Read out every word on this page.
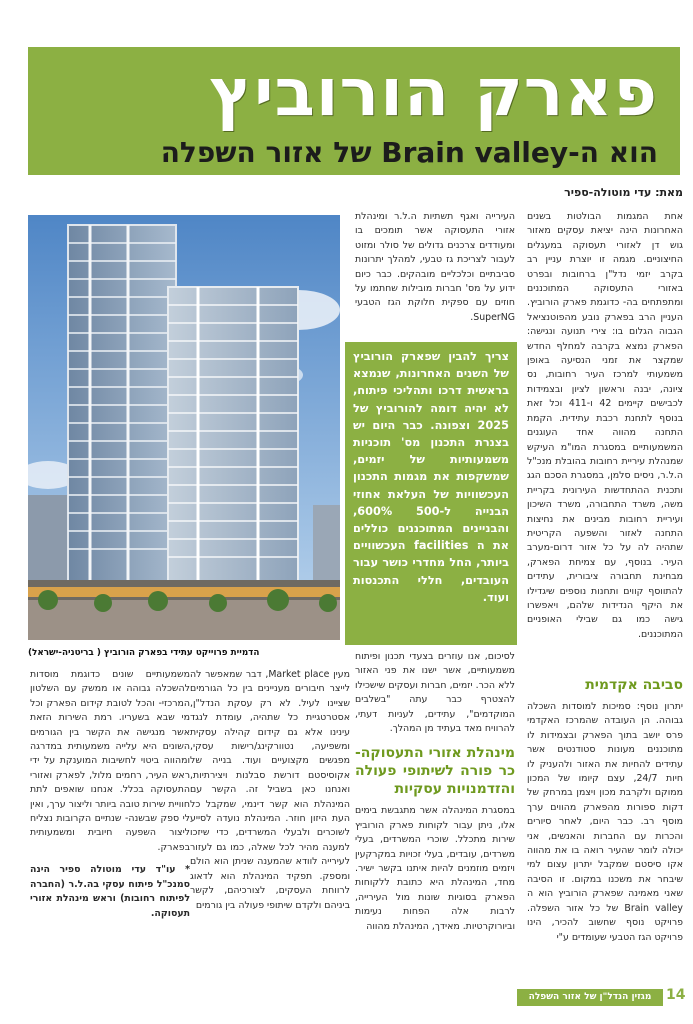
פארק הורוביץ
הוא ה-Brain valley של אזור השפלה
מאת: עדי מוטולה-ספיר

אחת המגמות הבולטות בשנים האחרונות הינה יציאת עסקים מאזור גוש דן לאזורי תעסוקה במעגלים החיצוניים. מגמה זו יוצרת עניין רב בקרב יזמי נדל"ן ברחובות ובפרט באזורי התעסוקה המתוכננים ומתפתחים בה- כדוגמת פארק הורוביץ. העניין הרב בפארק נובע מהפוטנציאל הגבוה הגלום בו: צירי תנועה ונגישה: הפארק נמצא בקרבה למחלף החדש שמקצר את זמני הנסיעה באופן משמעותי למרכז העיר רחובות, נס ציונה, יבנה וראשון לציון ובצמידות לכבישים קיימים 42 ו-411 וכל זאת בנוסף לתחנת רכבת עתידית. הקמת התחנה מהווה אחד העוגנים המשמעותיים במסגרת המו"מ העיקש שמנהלת עיריית רחובות בהובלת מנכ"ל ה.ל.ר, ניסים סלמן, במסגרת הסכם הגג ותכנית ההתחדשות העירונית בקריית משה, משרד התחבורה, משרד השיכון ועיריית רחובות מבינים את נחיצות התחנה לאזור והשפעה הקריטית שתהיה לה על כל אזור דרום-מערב העיר. בנוסף, עם צמיחת הפארק, מבחינת תחבורה ציבורית, עתידים להתווסף קווים ותחנות נוספים שיגדילו את היקף הנדידות שלהם, ויאפשרו גישה כמו גם שבילי האופניים המתוכננים.

סביבה אקדמית

יתרון נוסף: סמיכות למוסדות השכלה גבוהה. הן העובדה שהמרכז האקדמי פרס יושב בתוך הפארק ובצמידות לו מתוכננים מעונות סטודנטים אשר עתידים להחיות את האזור ולהעניק לו חיות 24/7, עצם קיומו של המכון ממוקם ולקרבת מכון ויצמן במרחק של דקות ספורות מהפארק מהווים ערך מוסף רב. כבר היום, לאחר סיורים והכרות עם החברות והאנשים, אני יכולה לומר שהעיר רואה בו את מהווה אקו סיסטם שמקבל יתרון עצום למי שיבחר את משכנו במקום. זו הסיבה שאני מאמינה שפארק הורוביץ הוא ה Brain valley של כל אזור השפלה. פרויקט נוסף שחשוב להכיר, הינו פרויקט הגז הטבעי שעומדים ע"י

העירייה ואגף תשתיות ה.ל.ר ומינהלת אזורי התעסוקה אשר תומכים בו ומעודדים צרכנים גדולים של סולר ומזוט לעבור לצריכת גז טבעי, למהלך יתרונות סביבתיים וכלכליים מובהקים. כבר כיום ידוע על מס' חברות מובילות שחתמו על חוזים עם ספקית חלוקת הגז הטבעי SuperNG.

צריך להבין שפארק הורוביץ של השנים האחרונות, שנמצא בראשית דרכו ותהליכי פיתוח, לא יהיה דומה להורוביץ של 2025 וצפונה. כבר היום יש בצנרת התכנון מס' תוכניות משמעותיות של יזמים, שמשקפות את מגמות התכנון העכשוויות של העלאת אחוזי הבנייה ל-500 600%, והבניינים המתוכננים כוללים את ה facilities העכשוויים ביותר, החל מחדרי כושר עבור העובדים, חללי התכנסות ועוד.

לסיכום, אנו עוזרים בצעדי תכנון ופיתוח משמעותיים, אשר ישנו את פני האזור ללא הכר. יזמים, חברות ועסקים שישכילו להצטרף כבר עתה "בשלבים המוקדמים", עתידים, לעניות דעתי, להרוויח מאד בעתיד מן המהלך.

מינהלת אזורי התעסוקה- כר פורה לשיתופי פעולה והזדמנויות עסקיות

במסגרת המינהלה אשר מתגבשת בימים אלו, ניתן עבור לקוחות פארק הורוביץ שירות מתכלל. שוכרי המשרדים, בעלי משרדים, עובדים, בעלי זכויות במקרקעין ויזמים מוזמנים להיות איתנו בקשר ישיר. מחד, המינהלת היא כתובת ללקוחות הפארק בסוגיות שונות מול העירייה, לרבות אלה הפחות נעימות וביורוקרטיות. מאידך, המינהלת מהווה

מעין Market place, דבר שמאפשר לה לייצר חיבורים מעניינים בין כל הגורמים שציינו לעיל. לא רק עסקת הנדל"ן, אסטרטגיית כל שתהיה, עומדת לנגד עינינו אלא גם קידום קהילה עסקית ומשפיעה, נטוורקינג/רישות עסקי, מפגשים מקצועיים ועוד. בנייה של אקוסיסטם דורשת סבלנות ויצירתיות, ואנחנו כאן בשביל זה. הקשר עם המינהלת הוא קשר דינמי, שמקבל כל העת היזון חוזר. המינהלת נועדה לסייע לשוכרים ולבעלי המשרדים, כדי שיזכו למענה מהיר לכל שאלה, כמו גם לעזור לעירייה לוודא שהמענה שניתן הוא הולם ומספק. תפקיד המינהלת הוא לדאוג לרווחת העסקים, לצורכיהם, לקשר ביניהם ולקדם שיתופי פעולה בין גורמים

משמעותיים שונים כדוגמת מוסדות להשכלה גבוהה או ממשק עם השלטון המרכזי- והכל לטובת קידום הפארק וכל מי שבא בשעריו. רמת השירות הזאת אשר מנגישה את הקשר בין הגורמים השונים היא עלייה משמעותית במדרגה ומהווה ביטוי לחשיבות המוענקת על ידי ראש העיר, רחמים מלול, לפארק ואזורי התעסוקה בכלל. אנחנו שואפים לתת חוויית שירות טובה ביותר וליצור ערך, ואין לי ספק שבשנה- שנתיים הקרובות נצליח ליצור השפעה חיובית ומשמעותית בפארק.

* עו"ד עדי מוטולה ספיר הינה סמנכ"ל פיתוח עסקי בה.ל.ר (החברה לפיתוח רחובות) וראש מינהלת אזורי תעסוקה.

הדמיית פרוייקט עתידי בפארק הורוביץ ( בריטניה-ישראל)
מגזין הנדל"ן של אזור השפלה	14
